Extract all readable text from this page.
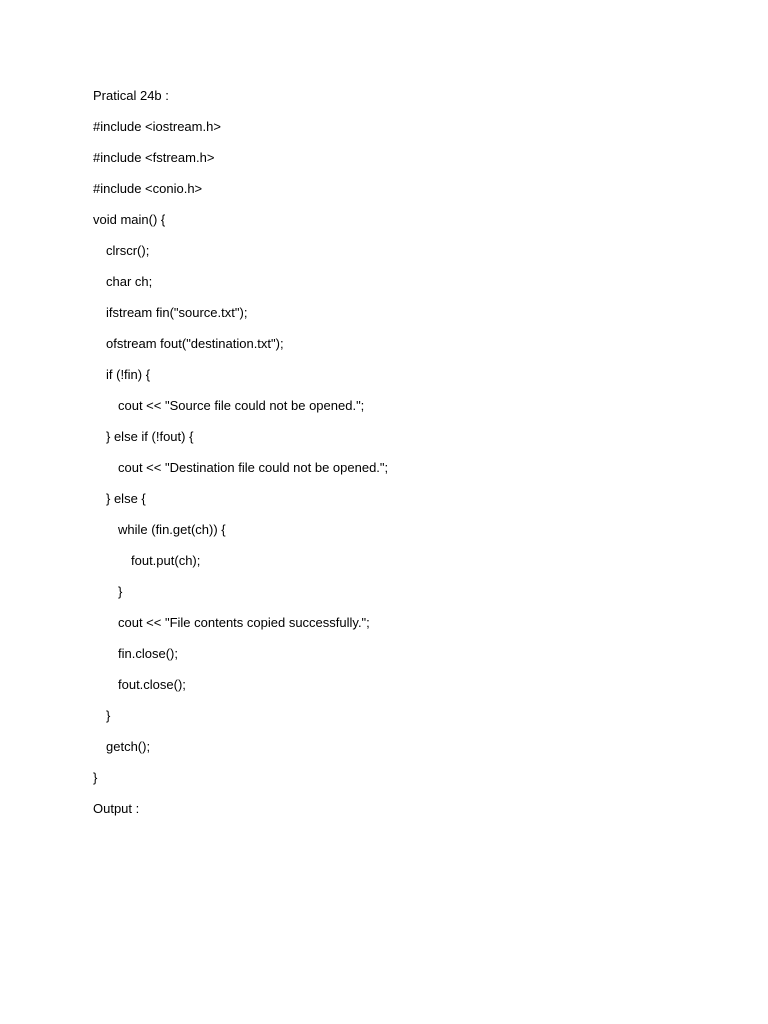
Pratical 24b :
#include <iostream.h>
#include <fstream.h>
#include <conio.h>
void main() {
clrscr();
char ch;
ifstream fin("source.txt");
ofstream fout("destination.txt");
if (!fin) {
cout << "Source file could not be opened.";
} else if (!fout) {
cout << "Destination file could not be opened.";
} else {
while (fin.get(ch)) {
fout.put(ch);
}
cout << "File contents copied successfully.";
fin.close();
fout.close();
}
getch();
}
Output :
